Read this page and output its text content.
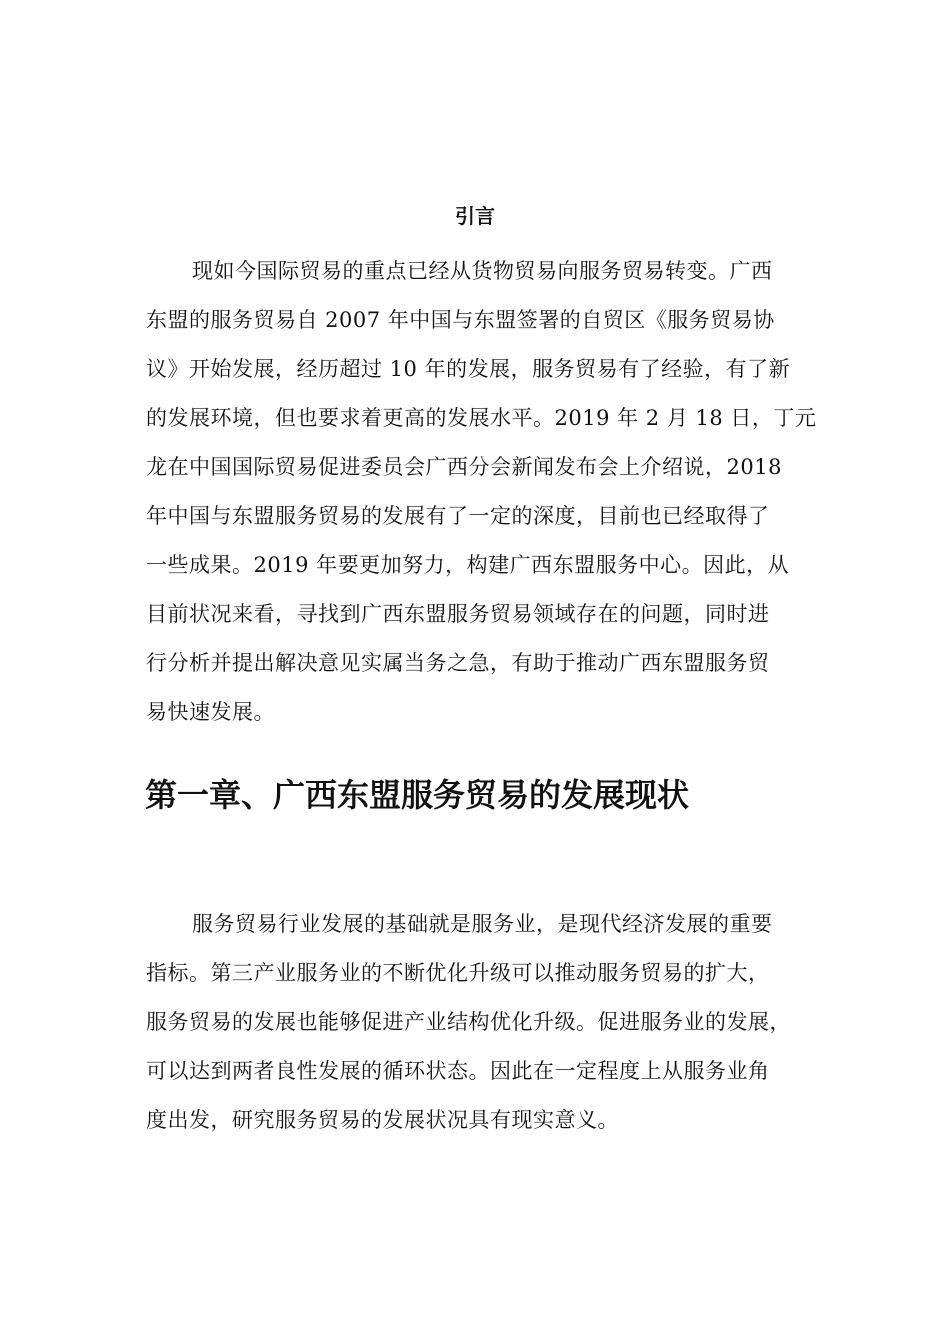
引言
现如今国际贸易的重点已经从货物贸易向服务贸易转变。广西
东盟的服务贸易自 2007 年中国与东盟签署的自贸区《服务贸易协
议》开始发展，经历超过 10 年的发展，服务贸易有了经验，有了新
的发展环境，但也要求着更高的发展水平。2019 年 2 月 18 日，丁元
龙在中国国际贸易促进委员会广西分会新闻发布会上介绍说，2018
年中国与东盟服务贸易的发展有了一定的深度，目前也已经取得了
一些成果。2019 年要更加努力，构建广西东盟服务中心。因此，从
目前状况来看，寻找到广西东盟服务贸易领域存在的问题，同时进
行分析并提出解决意见实属当务之急，有助于推动广西东盟服务贸
易快速发展。
第一章、广西东盟服务贸易的发展现状
服务贸易行业发展的基础就是服务业，是现代经济发展的重要
指标。第三产业服务业的不断优化升级可以推动服务贸易的扩大，
服务贸易的发展也能够促进产业结构优化升级。促进服务业的发展，
可以达到两者良性发展的循环状态。因此在一定程度上从服务业角
度出发，研究服务贸易的发展状况具有现实意义。
